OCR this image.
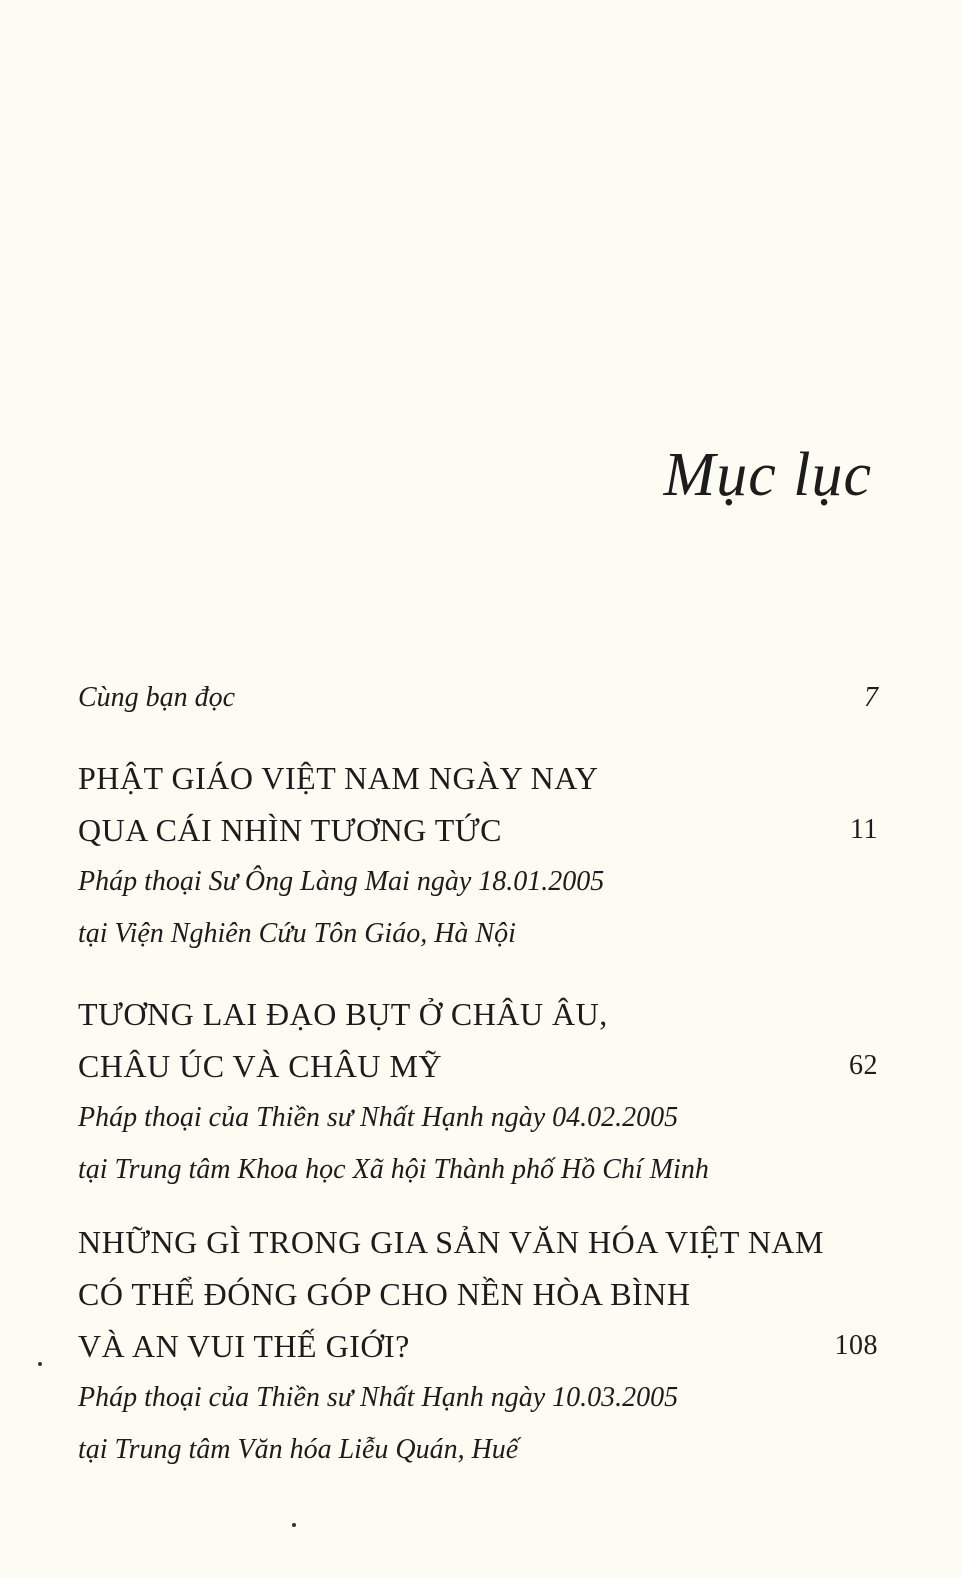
Mục lục
Cùng bạn đọc	7
PHẬT GIÁO VIỆT NAM NGÀY NAY
QUA CÁI NHÌN TƯƠNG TỨC	11
Pháp thoại Sư Ông Làng Mai ngày 18.01.2005
tại Viện Nghiên Cứu Tôn Giáo, Hà Nội
TƯƠNG LAI ĐẠO BỤT Ở CHÂU ÂU,
CHÂU ÚC VÀ CHÂU MỸ	62
Pháp thoại của Thiền sư Nhất Hạnh ngày 04.02.2005
tại Trung tâm Khoa học Xã hội Thành phố Hồ Chí Minh
NHỮNG GÌ TRONG GIA SẢN VĂN HÓA VIỆT NAM
CÓ THỂ ĐÓNG GÓP CHO NỀN HÒA BÌNH
VÀ AN VUI THẾ GIỚI?	108
Pháp thoại của Thiền sư Nhất Hạnh ngày 10.03.2005
tại Trung tâm Văn hóa Liễu Quán, Huế
